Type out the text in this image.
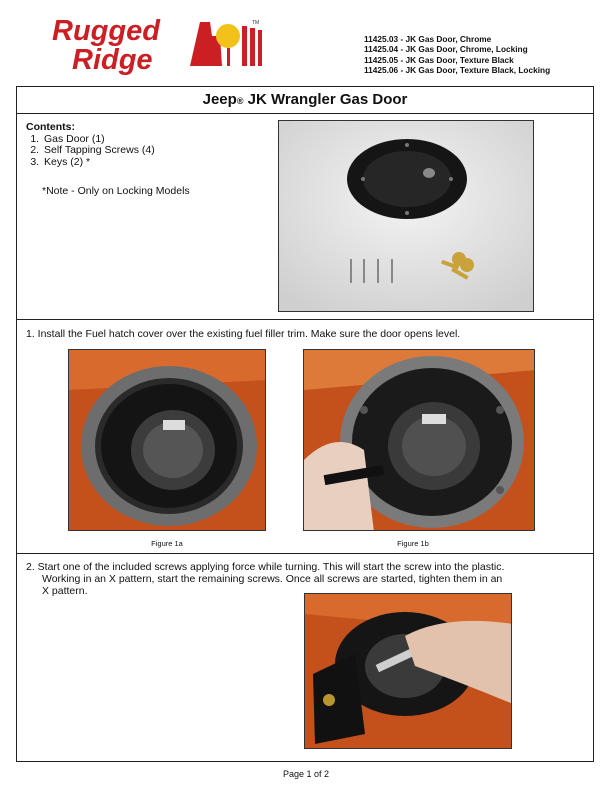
Rugged
Ridge
TM
11425.03 - JK Gas Door, Chrome
11425.04 - JK Gas Door, Chrome, Locking
11425.05 - JK Gas Door, Texture Black
11425.06 - JK Gas Door, Texture Black, Locking
Jeep® JK Wrangler Gas Door
Contents:
1. Gas Door (1)
2. Self Tapping Screws (4)
3. Keys (2) *
*Note - Only on Locking Models
1. Install the Fuel hatch cover over the existing fuel filler trim. Make sure the door opens level.
Figure 1a	Figure 1b
2. Start one of the included screws applying force while turning. This will start the screw into the plastic.
Working in an X pattern, start the remaining screws. Once all screws are started, tighten them in an
X pattern.
Page 1 of 2
